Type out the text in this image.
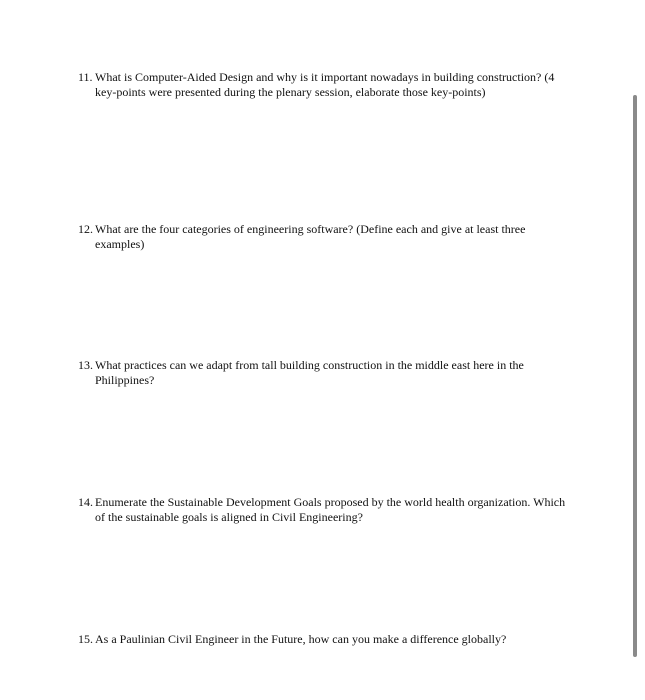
11. What is Computer-Aided Design and why is it important nowadays in building construction? (4 key-points were presented during the plenary session, elaborate those key-points)
12. What are the four categories of engineering software? (Define each and give at least three examples)
13. What practices can we adapt from tall building construction in the middle east here in the Philippines?
14. Enumerate the Sustainable Development Goals proposed by the world health organization. Which of the sustainable goals is aligned in Civil Engineering?
15. As a Paulinian Civil Engineer in the Future, how can you make a difference globally?
